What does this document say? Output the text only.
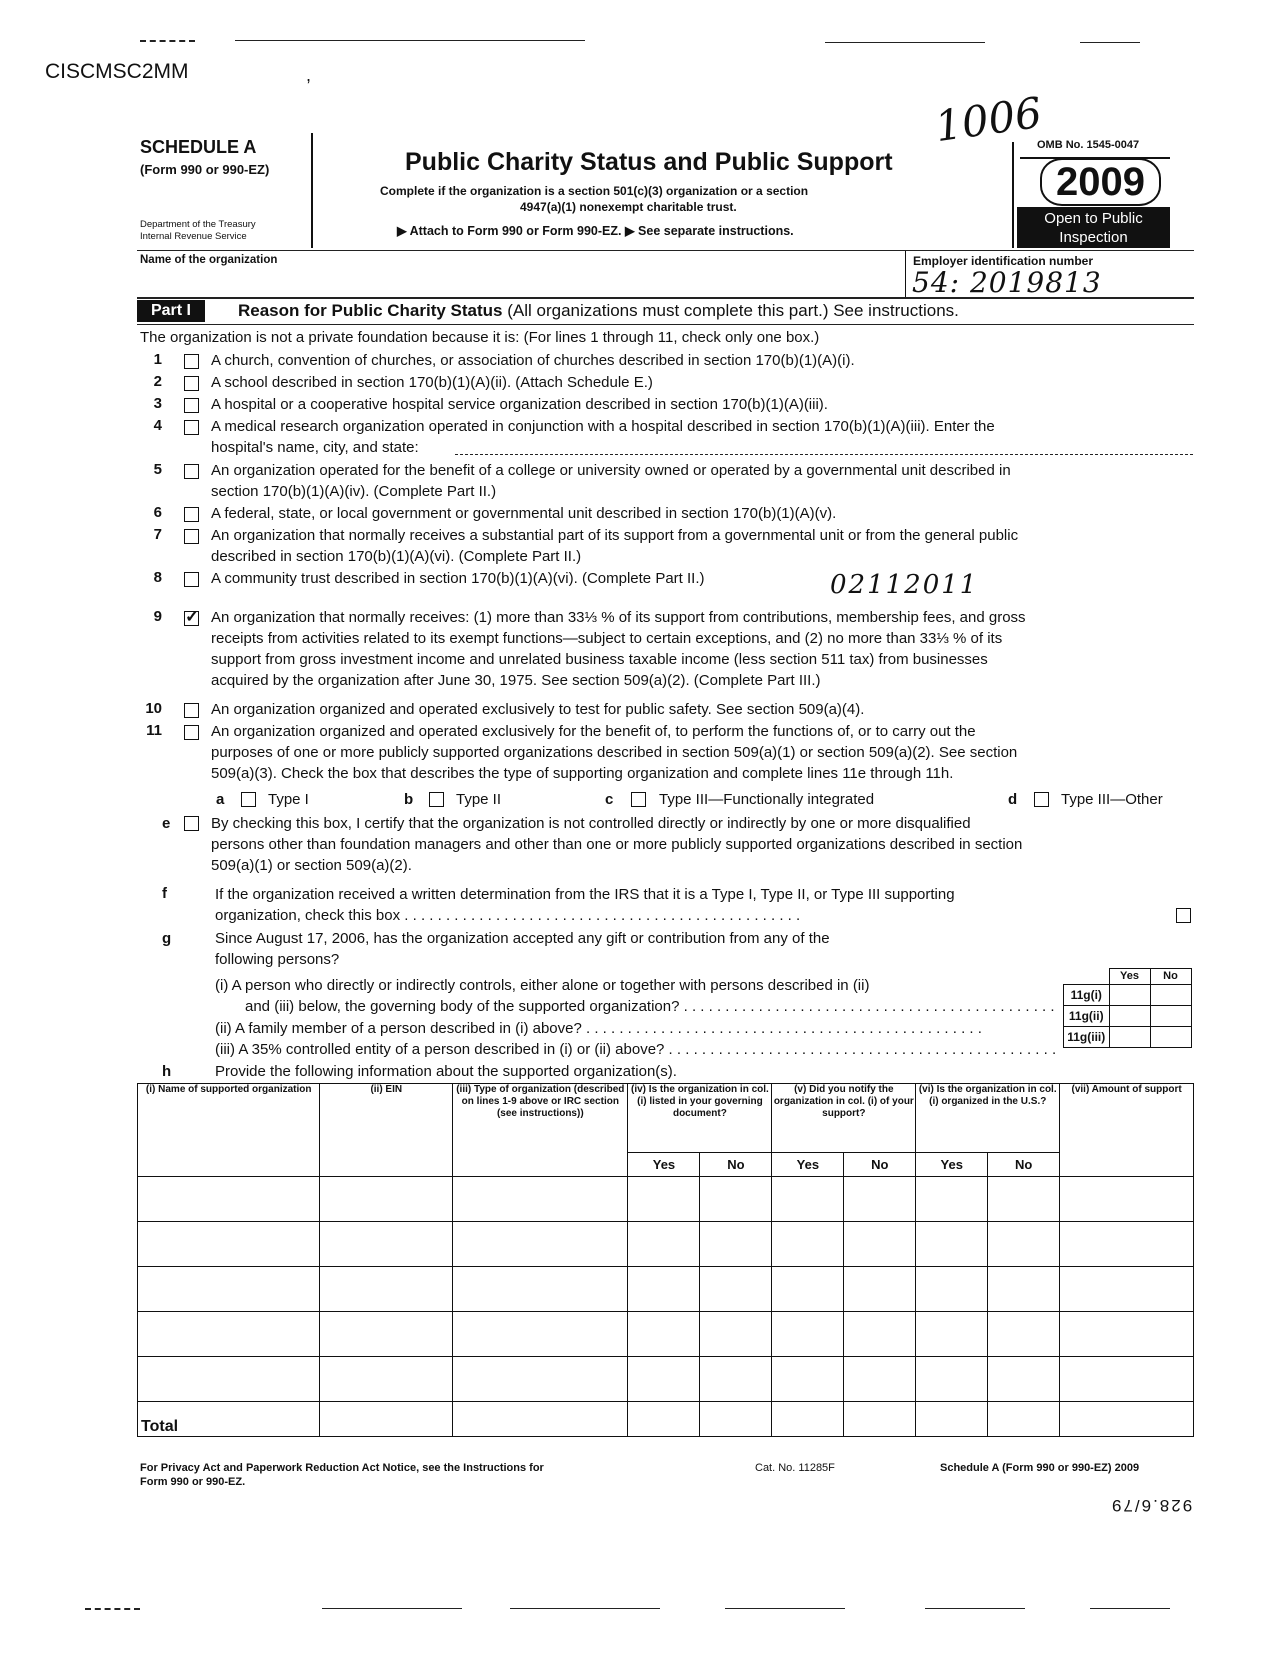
CISCMSC2MM	,
1006
SCHEDULE A
(Form 990 or 990-EZ)
Department of the Treasury
Internal Revenue Service
Public Charity Status and Public Support
Complete if the organization is a section 501(c)(3) organization or a section
4947(a)(1) nonexempt charitable trust.
▶ Attach to Form 990 or Form 990-EZ. ▶ See separate instructions.
OMB No. 1545-0047
2009
Open to Public
Inspection
Name of the organization	Employer identification number
54: 2019813
Part I	Reason for Public Charity Status (All organizations must complete this part.) See instructions.
The organization is not a private foundation because it is: (For lines 1 through 11, check only one box.)
1	A church, convention of churches, or association of churches described in section 170(b)(1)(A)(i).
2	A school described in section 170(b)(1)(A)(ii). (Attach Schedule E.)
3	A hospital or a cooperative hospital service organization described in section 170(b)(1)(A)(iii).
4	A medical research organization operated in conjunction with a hospital described in section 170(b)(1)(A)(iii). Enter the
hospital's name, city, and state:
5	An organization operated for the benefit of a college or university owned or operated by a governmental unit described in
section 170(b)(1)(A)(iv). (Complete Part II.)
6	A federal, state, or local government or governmental unit described in section 170(b)(1)(A)(v).
7	An organization that normally receives a substantial part of its support from a governmental unit or from the general public
described in section 170(b)(1)(A)(vi). (Complete Part II.)
8	A community trust described in section 170(b)(1)(A)(vi). (Complete Part II.)	02112011
9 ✓	An organization that normally receives: (1) more than 33⅓ % of its support from contributions, membership fees, and gross
receipts from activities related to its exempt functions—subject to certain exceptions, and (2) no more than 33⅓ % of its
support from gross investment income and unrelated business taxable income (less section 511 tax) from businesses
acquired by the organization after June 30, 1975. See section 509(a)(2). (Complete Part III.)
10	An organization organized and operated exclusively to test for public safety. See section 509(a)(4).
11	An organization organized and operated exclusively for the benefit of, to perform the functions of, or to carry out the
purposes of one or more publicly supported organizations described in section 509(a)(1) or section 509(a)(2). See section
509(a)(3). Check the box that describes the type of supporting organization and complete lines 11e through 11h.
a	Type I	b	Type II	c	Type III—Functionally integrated	d	Type III—Other
e	By checking this box, I certify that the organization is not controlled directly or indirectly by one or more disqualified
persons other than foundation managers and other than one or more publicly supported organizations described in section
509(a)(1) or section 509(a)(2).
f	If the organization received a written determination from the IRS that it is a Type I, Type II, or Type III supporting
organization, check this box . . .
g	Since August 17, 2006, has the organization accepted any gift or contribution from any of the
following persons?
(i) A person who directly or indirectly controls, either alone or together with persons described in (ii)
and (iii) below, the governing body of the supported organization? . . .
(ii) A family member of a person described in (i) above? . . .
(iii) A 35% controlled entity of a person described in (i) or (ii) above? . . .
	Yes	No
11g(i)		
11g(ii)		
11g(iii)		
h	Provide the following information about the supported organization(s).
(i) Name of supported organization	(ii) EIN	(iii) Type of organization (described on lines 1-9 above or IRC section (see instructions))	(iv) Is the organization in col. (i) listed in your governing document?		(v) Did you notify the organization in col. (i) of your support?		(vi) Is the organization in col. (i) organized in the U.S.?		(vii) Amount of support
			Yes	No	Yes	No	Yes	No	

Total									
For Privacy Act and Paperwork Reduction Act Notice, see the Instructions for
Form 990 or 990-EZ.
Cat. No. 11285F	Schedule A (Form 990 or 990-EZ) 2009
928.6/79
